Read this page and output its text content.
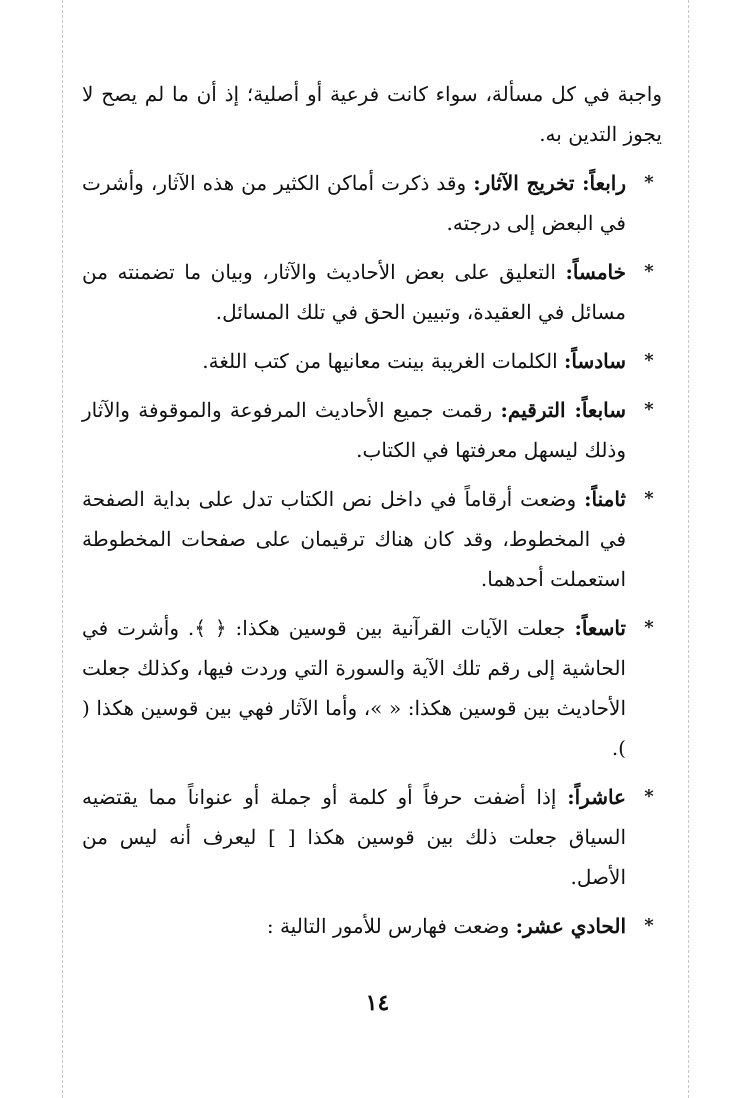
واجبة في كل مسألة، سواء كانت فرعية أو أصلية؛ إذ أن ما لم يصح لا يجوز التدين به.

*
رابعاً: تخريج الآثار: وقد ذكرت أماكن الكثير من هذه الآثار، وأشرت في البعض إلى درجته.
*
خامساً: التعليق على بعض الأحاديث والآثار، وبيان ما تضمنته من مسائل في العقيدة، وتبيين الحق في تلك المسائل.
*
سادساً: الكلمات الغريبة بينت معانيها من كتب اللغة.
*
سابعاً: الترقيم: رقمت جميع الأحاديث المرفوعة والموقوفة والآثار وذلك ليسهل معرفتها في الكتاب.
*
ثامناً: وضعت أرقاماً في داخل نص الكتاب تدل على بداية الصفحة في المخطوط، وقد كان هناك ترقيمان على صفحات المخطوطة استعملت أحدهما.
*
تاسعاً: جعلت الآيات القرآنية بين قوسين هكذا: ﴿ ﴾. وأشرت في الحاشية إلى رقم تلك الآية والسورة التي وردت فيها، وكذلك جعلت الأحاديث بين قوسين هكذا: « »، وأما الآثار فهي بين قوسين هكذا ( ).
*
عاشراً: إذا أضفت حرفاً أو كلمة أو جملة أو عنواناً مما يقتضيه السياق جعلت ذلك بين قوسين هكذا [ ] ليعرف أنه ليس من الأصل.
*
الحادي عشر: وضعت فهارس للأمور التالية :
١٤
